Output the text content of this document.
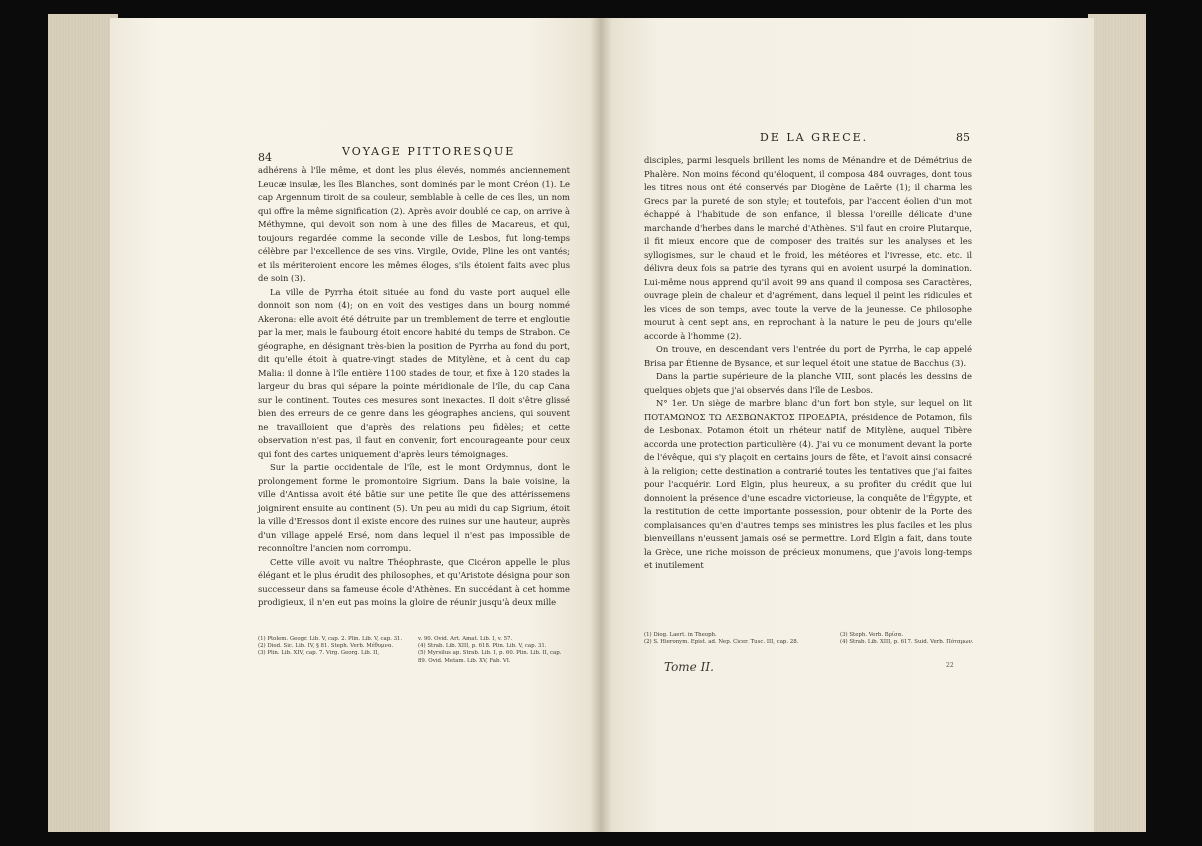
84	VOYAGE PITTORESQUE

adhérens à l'île même, et dont les plus élevés, nommés anciennement Leucæ insulæ, les îles Blanches, sont dominés par le mont Créon (1). Le cap Argennum tiroit de sa couleur, semblable à celle de ces îles, un nom qui offre la même signification (2). Après avoir doublé ce cap, on arrive à Méthymne, qui devoit son nom à une des filles de Macareus, et qui, toujours regardée comme la seconde ville de Lesbos, fut long-temps célèbre par l'excellence de ses vins. Virgile, Ovide, Pline les ont vantés; et ils mériteroient encore les mêmes éloges, s'ils étoient faits avec plus de soin (3).

La ville de Pyrrha étoit située au fond du vaste port auquel elle donnoit son nom (4); on en voit des vestiges dans un bourg nommé Akerona: elle avoit été détruite par un tremblement de terre et engloutie par la mer, mais le faubourg étoit encore habité du temps de Strabon. Ce géographe, en désignant très-bien la position de Pyrrha au fond du port, dit qu'elle étoit à quatre-vingt stades de Mitylène, et à cent du cap Malia: il donne à l'île entière 1100 stades de tour, et fixe à 120 stades la largeur du bras qui sépare la pointe méridionale de l'île, du cap Cana sur le continent. Toutes ces mesures sont inexactes. Il doit s'être glissé bien des erreurs de ce genre dans les géographes anciens, qui souvent ne travailloient que d'après des relations peu fidèles; et cette observation n'est pas, il faut en convenir, fort encourageante pour ceux qui font des cartes uniquement d'après leurs témoignages.

Sur la partie occidentale de l'île, est le mont Ordymnus, dont le prolongement forme le promontoire Sigrium. Dans la baie voisine, la ville d'Antissa avoit été bâtie sur une petite île que des attérissemens joignirent ensuite au continent (5). Un peu au midi du cap Sigrium, étoit la ville d'Eressos dont il existe encore des ruines sur une hauteur, auprès d'un village appelé Ersé, nom dans lequel il n'est pas impossible de reconnoître l'ancien nom corrompu.

Cette ville avoit vu naître Théophraste, que Cicéron appelle le plus élégant et le plus érudit des philosophes, et qu'Aristote désigna pour son successeur dans sa fameuse école d'Athènes. En succédant à cet homme prodigieux, il n'en eut pas moins la gloire de réunir jusqu'à deux mille

(1) Ptolem. Geogr. Lib. V, cap. 2. Plin. Lib. V, cap. 31.
(2) Diod. Sic. Lib. IV, § 81. Steph. Verb. Μέθυμνα.
(3) Plin. Lib. XIV, cap. 7. Virg. Georg. Lib. II,
v. 90. Ovid. Art. Amat. Lib. I, v. 57.
(4) Strab. Lib. XIII, p. 618. Plin. Lib. V, cap. 31.
(5) Myrsilus ap. Strab. Lib. I, p. 60. Plin. Lib. II, cap. 89. Ovid. Metam. Lib. XV, Fab. VI.
DE LA GRECE.	85

disciples, parmi lesquels brillent les noms de Ménandre et de Démétrius de Phalère. Non moins fécond qu'éloquent, il composa 484 ouvrages, dont tous les titres nous ont été conservés par Diogène de Laërte (1); il charma les Grecs par la pureté de son style; et toutefois, par l'accent éolien d'un mot échappé à l'habitude de son enfance, il blessa l'oreille délicate d'une marchande d'herbes dans le marché d'Athènes. S'il faut en croire Plutarque, il fit mieux encore que de composer des traités sur les analyses et les syllogismes, sur le chaud et le froid, les météores et l'ivresse, etc. etc. il délivra deux fois sa patrie des tyrans qui en avoient usurpé la domination. Lui-même nous apprend qu'il avoit 99 ans quand il composa ses Caractères, ouvrage plein de chaleur et d'agrément, dans lequel il peint les ridicules et les vices de son temps, avec toute la verve de la jeunesse. Ce philosophe mourut à cent sept ans, en reprochant à la nature le peu de jours qu'elle accorde à l'homme (2).

On trouve, en descendant vers l'entrée du port de Pyrrha, le cap appelé Brisa par Étienne de Bysance, et sur lequel étoit une statue de Bacchus (3).

Dans la partie supérieure de la planche VIII, sont placés les dessins de quelques objets que j'ai observés dans l'île de Lesbos.

N° 1er. Un siège de marbre blanc d'un fort bon style, sur lequel on lit ΠΟΤΑΜΩΝΟΣ ΤΩ ΛΕΣΒΩΝΑΚΤΟΣ ΠΡΟΕΔΡΙΑ, présidence de Potamon, fils de Lesbonax. Potamon étoit un rhéteur natif de Mitylène, auquel Tibère accorda une protection particulière (4). J'ai vu ce monument devant la porte de l'évêque, qui s'y plaçoit en certains jours de fête, et l'avoit ainsi consacré à la religion; cette destination a contrarié toutes les tentatives que j'ai faites pour l'acquérir. Lord Elgin, plus heureux, a su profiter du crédit que lui donnoient la présence d'une escadre victorieuse, la conquête de l'Égypte, et la restitution de cette importante possession, pour obtenir de la Porte des complaisances qu'en d'autres temps ses ministres les plus faciles et les plus bienveillans n'eussent jamais osé se permettre. Lord Elgin a fait, dans toute la Grèce, une riche moisson de précieux monumens, que j'avois long-temps et inutilement

(1) Diog. Laert. in Theoph.
(2) S. Hieronym. Epist. ad. Nep. Cicer. Tusc. III, cap. 28.
(3) Steph. Verb. Βρίσα.
(4) Strab. Lib. XIII, p. 617. Suid. Verb. Πόταμων.
Tome II.	22
